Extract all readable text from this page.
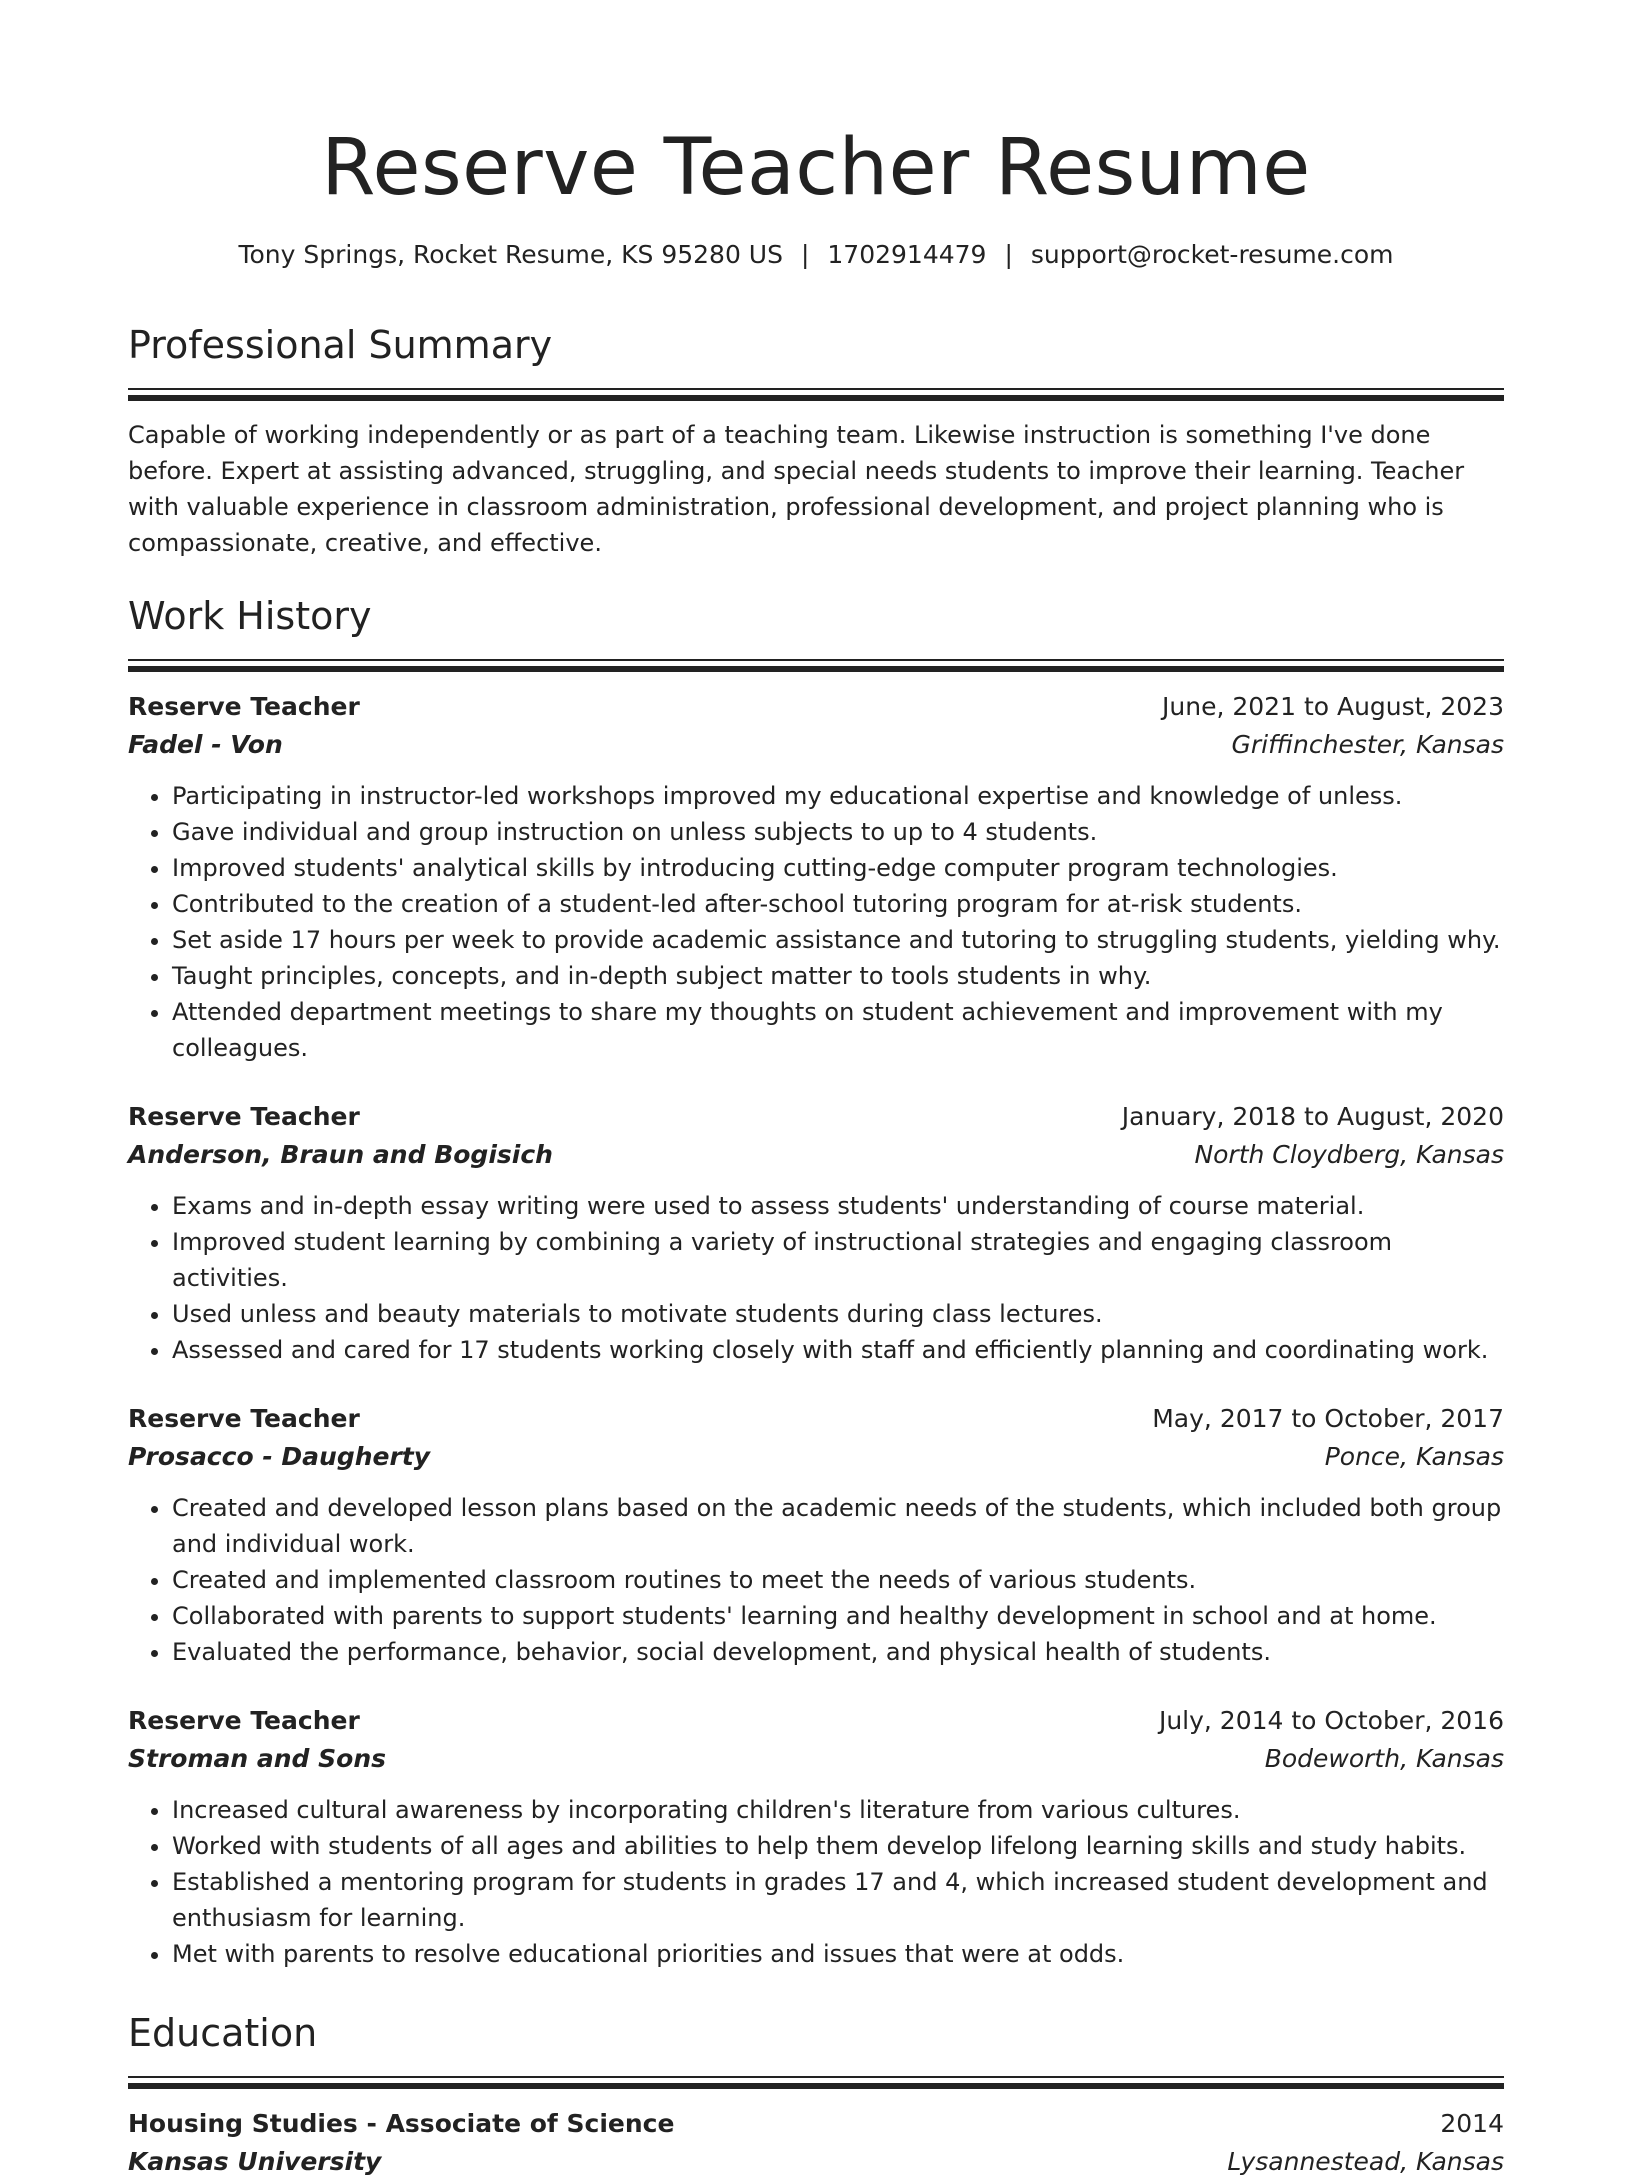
Reserve Teacher Resume
Tony Springs, Rocket Resume, KS 95280 US | 1702914479 | support@rocket-resume.com
Professional Summary

Capable of working independently or as part of a teaching team. Likewise instruction is something I've done before. Expert at assisting advanced, struggling, and special needs students to improve their learning. Teacher with valuable experience in classroom administration, professional development, and project planning who is compassionate, creative, and effective.

Work History
Reserve Teacher	June, 2021 to August, 2023
Fadel - Von	Griffinchester, Kansas
• Participating in instructor-led workshops improved my educational expertise and knowledge of unless.
• Gave individual and group instruction on unless subjects to up to 4 students.
• Improved students' analytical skills by introducing cutting-edge computer program technologies.
• Contributed to the creation of a student-led after-school tutoring program for at-risk students.
• Set aside 17 hours per week to provide academic assistance and tutoring to struggling students, yielding why.
• Taught principles, concepts, and in-depth subject matter to tools students in why.
• Attended department meetings to share my thoughts on student achievement and improvement with my colleagues.
Reserve Teacher	January, 2018 to August, 2020
Anderson, Braun and Bogisich	North Cloydberg, Kansas
• Exams and in-depth essay writing were used to assess students' understanding of course material.
• Improved student learning by combining a variety of instructional strategies and engaging classroom activities.
• Used unless and beauty materials to motivate students during class lectures.
• Assessed and cared for 17 students working closely with staff and efficiently planning and coordinating work.
Reserve Teacher	May, 2017 to October, 2017
Prosacco - Daugherty	Ponce, Kansas
• Created and developed lesson plans based on the academic needs of the students, which included both group and individual work.
• Created and implemented classroom routines to meet the needs of various students.
• Collaborated with parents to support students' learning and healthy development in school and at home.
• Evaluated the performance, behavior, social development, and physical health of students.
Reserve Teacher	July, 2014 to October, 2016
Stroman and Sons	Bodeworth, Kansas
• Increased cultural awareness by incorporating children's literature from various cultures.
• Worked with students of all ages and abilities to help them develop lifelong learning skills and study habits.
• Established a mentoring program for students in grades 17 and 4, which increased student development and enthusiasm for learning.
• Met with parents to resolve educational priorities and issues that were at odds.
Education
Housing Studies - Associate of Science	2014
Kansas University	Lysannestead, Kansas
